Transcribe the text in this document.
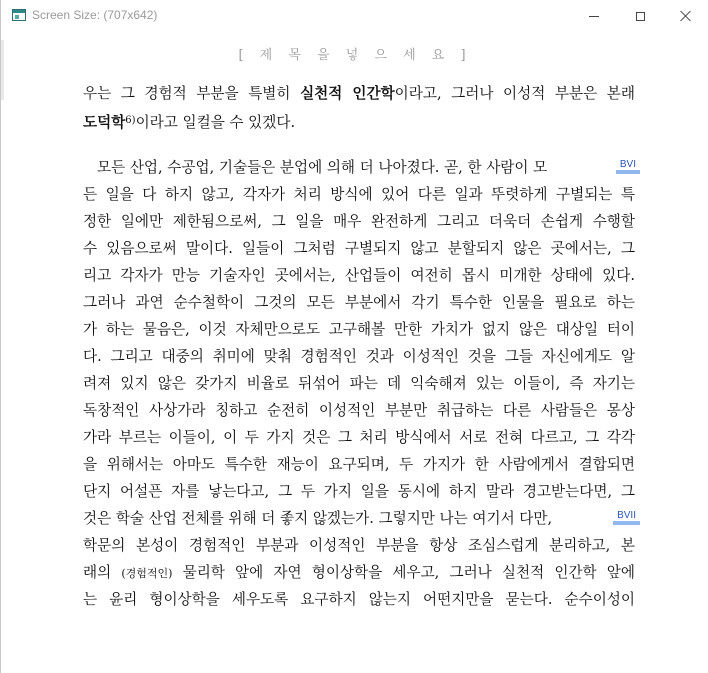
Screen Size: (707x642)
[ 제 목 을 넣 으 세 요 ]
우는 그 경험적 부분을 특별히 실천적 인간학이라고, 그러나 이성적 부분은 본래
도덕학$^{6)}$이라고 일컬을 수 있겠다.
모든 산업, 수공업, 기술들은 분업에 의해 더 나아졌다. 곧, 한 사람이 모	BVI
든 일을 다 하지 않고, 각자가 처리 방식에 있어 다른 일과 뚜렷하게 구별되는 특
정한 일에만 제한됨으로써, 그 일을 매우 완전하게 그리고 더욱더 손쉽게 수행할
수 있음으로써 말이다. 일들이 그처럼 구별되지 않고 분할되지 않은 곳에서는, 그
리고 각자가 만능 기술자인 곳에서는, 산업들이 여전히 몹시 미개한 상태에 있다.
그러나 과연 순수철학이 그것의 모든 부분에서 각기 특수한 인물을 필요로 하는
가 하는 물음은, 이것 자체만으로도 고구해볼 만한 가치가 없지 않은 대상일 터이
다. 그리고 대중의 취미에 맞춰 경험적인 것과 이성적인 것을 그들 자신에게도 알
려져 있지 않은 갖가지 비율로 뒤섞어 파는 데 익숙해져 있는 이들이, 즉 자기는
독창적인 사상가라 칭하고 순전히 이성적인 부분만 취급하는 다른 사람들은 몽상
가라 부르는 이들이, 이 두 가지 것은 그 처리 방식에서 서로 전혀 다르고, 그 각각
을 위해서는 아마도 특수한 재능이 요구되며, 두 가지가 한 사람에게서 결합되면
단지 어설픈 자를 낳는다고, 그 두 가지 일을 동시에 하지 말라 경고받는다면, 그
것은 학술 산업 전체를 위해 더 좋지 않겠는가. 그렇지만 나는 여기서 다만,	BVII
학문의 본성이 경험적인 부분과 이성적인 부분을 항상 조심스럽게 분리하고, 본
래의 (경험적인) 물리학 앞에 자연 형이상학을 세우고, 그러나 실천적 인간학 앞에
는 윤리 형이상학을 세우도록 요구하지 않는지 어떤지만을 묻는다. 순수이성이
